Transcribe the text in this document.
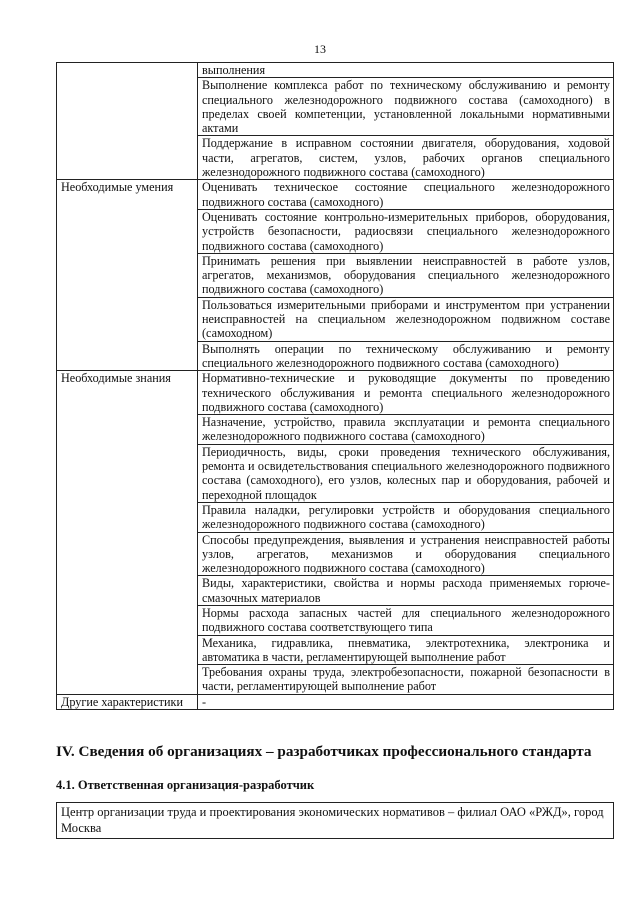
13
	выполнения
	Выполнение комплекса работ по техническому обслуживанию и ремонту специального железнодорожного подвижного состава (самоходного) в пределах своей компетенции, установленной локальными нормативными актами
	Поддержание в исправном состоянии двигателя, оборудования, ходовой части, агрегатов, систем, узлов, рабочих органов специального железнодорожного подвижного состава (самоходного)
Необходимые умения	Оценивать техническое состояние специального железнодорожного подвижного состава (самоходного)
	Оценивать состояние контрольно-измерительных приборов, оборудования, устройств безопасности, радиосвязи специального железнодорожного подвижного состава (самоходного)
	Принимать решения при выявлении неисправностей в работе узлов, агрегатов, механизмов, оборудования специального железнодорожного подвижного состава (самоходного)
	Пользоваться измерительными приборами и инструментом при устранении неисправностей на специальном железнодорожном подвижном составе (самоходном)
	Выполнять операции по техническому обслуживанию и ремонту специального железнодорожного подвижного состава (самоходного)
Необходимые знания	Нормативно-технические и руководящие документы по проведению технического обслуживания и ремонта специального железнодорожного подвижного состава (самоходного)
	Назначение, устройство, правила эксплуатации и ремонта специального железнодорожного подвижного состава (самоходного)
	Периодичность, виды, сроки проведения технического обслуживания, ремонта и освидетельствования специального железнодорожного подвижного состава (самоходного), его узлов, колесных пар и оборудования, рабочей и переходной площадок
	Правила наладки, регулировки устройств и оборудования специального железнодорожного подвижного состава (самоходного)
	Способы предупреждения, выявления и устранения неисправностей работы узлов, агрегатов, механизмов и оборудования специального железнодорожного подвижного состава (самоходного)
	Виды, характеристики, свойства и нормы расхода применяемых горюче-смазочных материалов
	Нормы расхода запасных частей для специального железнодорожного подвижного состава соответствующего типа
	Механика, гидравлика, пневматика, электротехника, электроника и автоматика в части, регламентирующей выполнение работ
	Требования охраны труда, электробезопасности, пожарной безопасности в части, регламентирующей выполнение работ
Другие характеристики	-
IV. Сведения об организациях – разработчиках профессионального стандарта
4.1. Ответственная организация-разработчик
Центр организации труда и проектирования экономических нормативов – филиал ОАО «РЖД», город Москва
